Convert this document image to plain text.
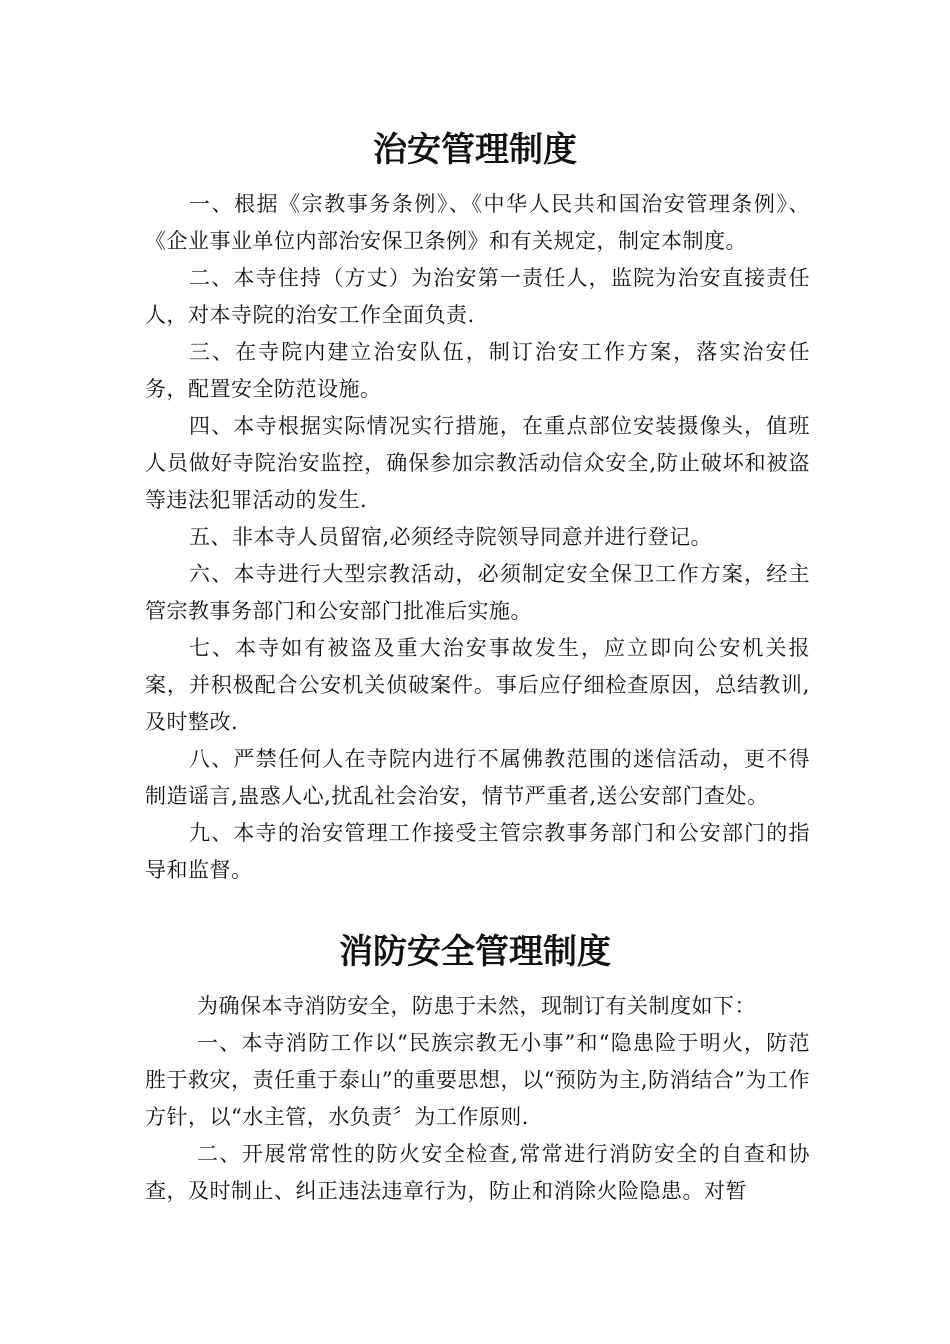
治安管理制度

一、根据《宗教事务条例》、《中华人民共和国治安管理条例》、《企业事业单位内部治安保卫条例》和有关规定，制定本制度。

二、本寺住持（方丈）为治安第一责任人，监院为治安直接责任人，对本寺院的治安工作全面负责.

三、在寺院内建立治安队伍，制订治安工作方案，落实治安任务，配置安全防范设施。

四、本寺根据实际情况实行措施，在重点部位安装摄像头，值班人员做好寺院治安监控，确保参加宗教活动信众安全,防止破坏和被盗等违法犯罪活动的发生.

五、非本寺人员留宿,必须经寺院领导同意并进行登记。

六、本寺进行大型宗教活动，必须制定安全保卫工作方案，经主管宗教事务部门和公安部门批准后实施。

七、本寺如有被盗及重大治安事故发生，应立即向公安机关报案，并积极配合公安机关侦破案件。事后应仔细检查原因，总结教训,及时整改.

八、严禁任何人在寺院内进行不属佛教范围的迷信活动，更不得制造谣言,蛊惑人心,扰乱社会治安，情节严重者,送公安部门查处。

九、本寺的治安管理工作接受主管宗教事务部门和公安部门的指导和监督。

消防安全管理制度

为确保本寺消防安全，防患于未然，现制订有关制度如下：

一、本寺消防工作以“民族宗教无小事”和“隐患险于明火，防范胜于救灾，责任重于泰山”的重要思想，以“预防为主,防消结合”为工作方针，以“水主管，水负责〞为工作原则.

二、开展常常性的防火安全检查,常常进行消防安全的自查和协查，及时制止、纠正违法违章行为，防止和消除火险隐患。对暂
